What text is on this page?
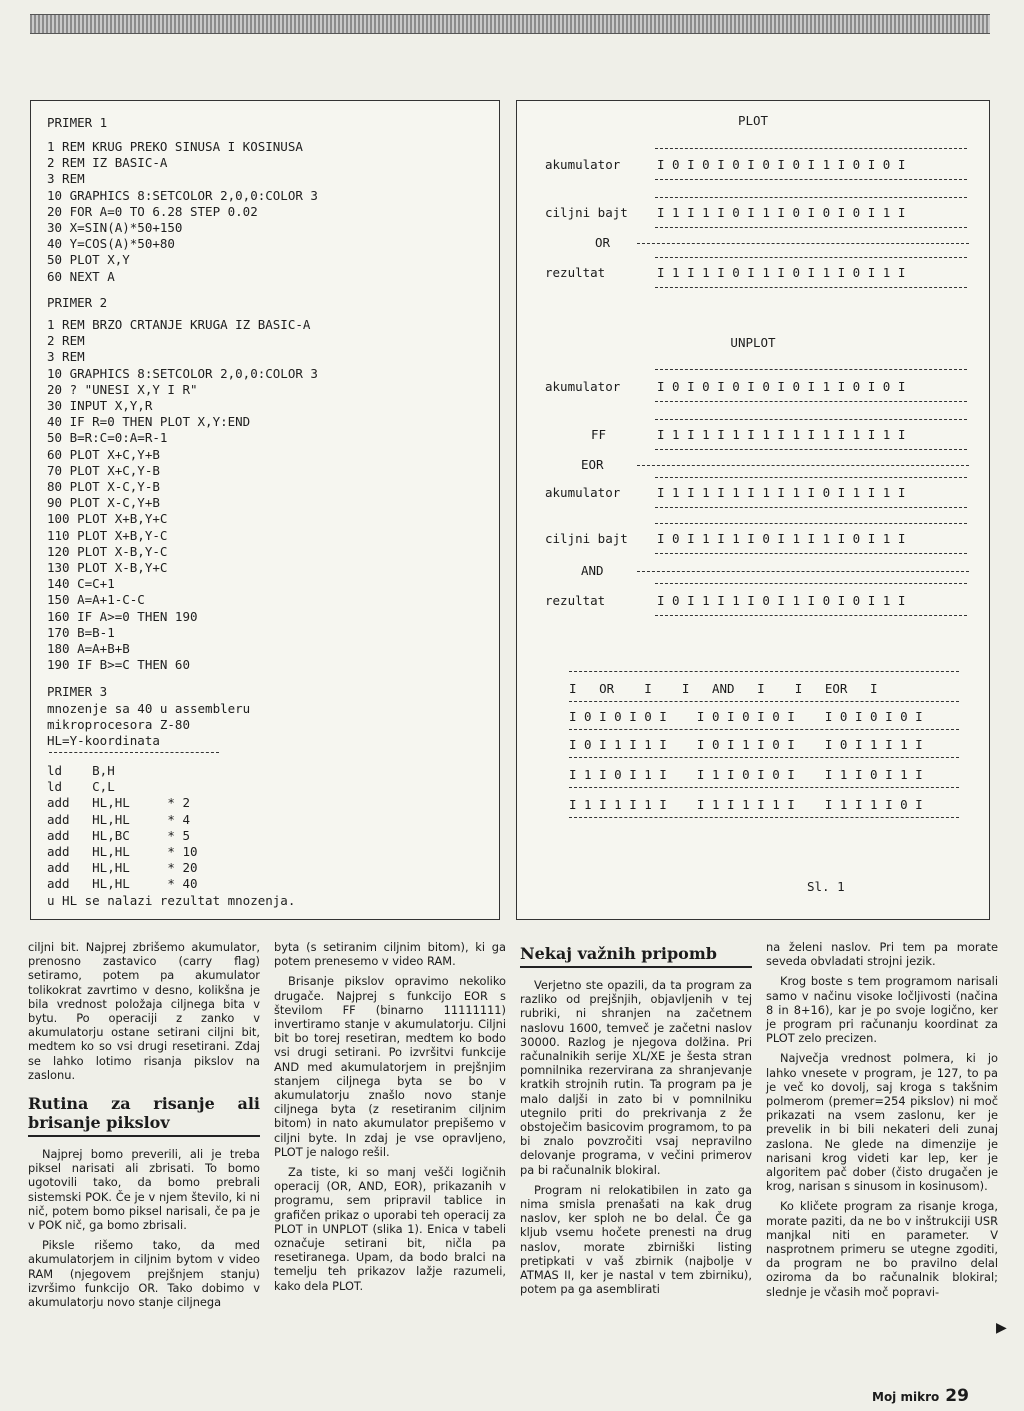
PRIMER 1
1 REM KRUG PREKO SINUSA I KOSINUSA
2 REM IZ BASIC-A
3 REM
10 GRAPHICS 8:SETCOLOR 2,0,0:COLOR 3
20 FOR A=0 TO 6.28 STEP 0.02
30 X=SIN(A)*50+150
40 Y=COS(A)*50+80
50 PLOT X,Y
60 NEXT A
PRIMER 2
1 REM BRZO CRTANJE KRUGA IZ BASIC-A
2 REM
3 REM
10 GRAPHICS 8:SETCOLOR 2,0,0:COLOR 3
20 ? "UNESI X,Y I R"
30 INPUT X,Y,R
40 IF R=0 THEN PLOT X,Y:END
50 B=R:C=0:A=R-1
60 PLOT X+C,Y+B
70 PLOT X+C,Y-B
80 PLOT X-C,Y-B
90 PLOT X-C,Y+B
100 PLOT X+B,Y+C
110 PLOT X+B,Y-C
120 PLOT X-B,Y-C
130 PLOT X-B,Y+C
140 C=C+1
150 A=A+1-C-C
160 IF A>=0 THEN 190
170 B=B-1
180 A=A+B+B
190 IF B>=C THEN 60
PRIMER 3
mnozenje sa 40 u assembleru
mikroprocesora Z-80
HL=Y-koordinata
ld    B,H
ld    C,L
add   HL,HL     * 2
add   HL,HL     * 4
add   HL,BC     * 5
add   HL,HL     * 10
add   HL,HL     * 20
add   HL,HL     * 40
u HL se nalazi rezultat mnozenja.
PLOT
akumulator	I 0 I 0 I 0 I 0 I 0 I 1 I 0 I 0 I
ciljni bajt I 1 I 1 I 0 I 1 I 0 I 0 I 0 I 1 I
OR
rezultat	I 1 I 1 I 0 I 1 I 0 I 1 I 0 I 1 I
UNPLOT
akumulator	I 0 I 0 I 0 I 0 I 0 I 1 I 0 I 0 I
FF	I 1 I 1 I 1 I 1 I 1 I 1 I 1 I 1 I
EOR
akumulator	I 1 I 1 I 1 I 1 I 1 I 0 I 1 I 1 I
ciljni bajt I 0 I 1 I 1 I 0 I 1 I 1 I 0 I 1 I
AND
rezultat	I 0 I 1 I 1 I 0 I 1 I 0 I 0 I 1 I
I   OR    I    I   AND   I    I   EOR   I
I 0 I 0 I 0 I    I 0 I 0 I 0 I    I 0 I 0 I 0 I
I 0 I 1 I 1 I    I 0 I 1 I 0 I    I 0 I 1 I 1 I
I 1 I 0 I 1 I    I 1 I 0 I 0 I    I 1 I 0 I 1 I
I 1 I 1 I 1 I    I 1 I 1 I 1 I    I 1 I 1 I 0 I
Sl. 1

ciljni bit. Najprej zbrišemo akumulator, prenosno zastavico (carry flag) setiramo, potem pa akumulator tolikokrat zavrtimo v desno, kolikšna je bila vrednost položaja ciljnega bita v bytu. Po operaciji z zanko v akumulatorju ostane setirani ciljni bit, medtem ko so vsi drugi resetirani. Zdaj se lahko lotimo risanja pikslov na zaslonu.

Rutina za risanje ali brisanje pikslov

Najprej bomo preverili, ali je treba piksel narisati ali zbrisati. To bomo ugotovili tako, da bomo prebrali sistemski POK. Če je v njem število, ki ni nič, potem bomo piksel narisali, če pa je v POK nič, ga bomo zbrisali.

Piksle rišemo tako, da med akumulatorjem in ciljnim bytom v video RAM (njegovem prejšnjem stanju) izvršimo funkcijo OR. Tako dobimo v akumulatorju novo stanje ciljnega

byta (s setiranim ciljnim bitom), ki ga potem prenesemo v video RAM.

Brisanje pikslov opravimo nekoliko drugače. Najprej s funkcijo EOR s številom FF (binarno 11111111) invertiramo stanje v akumulatorju. Ciljni bit bo torej resetiran, medtem ko bodo vsi drugi setirani. Po izvršitvi funkcije AND med akumulatorjem in prejšnjim stanjem ciljnega byta se bo v akumulatorju znašlo novo stanje ciljnega byta (z resetiranim ciljnim bitom) in nato akumulator prepišemo v ciljni byte. In zdaj je vse opravljeno, PLOT je nalogo rešil.

Za tiste, ki so manj vešči logičnih operacij (OR, AND, EOR), prikazanih v programu, sem pripravil tablice in grafičen prikaz o uporabi teh operacij za PLOT in UNPLOT (slika 1). Enica v tabeli označuje setirani bit, ničla pa resetiranega. Upam, da bodo bralci na temelju teh prikazov lažje razumeli, kako dela PLOT.

Nekaj važnih pripomb

Verjetno ste opazili, da ta program za razliko od prejšnjih, objavljenih v tej rubriki, ni shranjen na začetnem naslovu 1600, temveč je začetni naslov 30000. Razlog je njegova dolžina. Pri računalnikih serije XL/XE je šesta stran pomnilnika rezervirana za shranjevanje kratkih strojnih rutin. Ta program pa je malo daljši in zato bi v pomnilniku utegnilo priti do prekrivanja z že obstoječim basicovim programom, to pa bi znalo povzročiti vsaj nepravilno delovanje programa, v večini primerov pa bi računalnik blokiral.

Program ni relokatibilen in zato ga nima smisla prenašati na kak drug naslov, ker sploh ne bo delal. Če ga kljub vsemu hočete prenesti na drug naslov, morate zbirniški listing pretipkati v vaš zbirnik (najbolje v ATMAS II, ker je nastal v tem zbirniku), potem pa ga asemblirati

na želeni naslov. Pri tem pa morate seveda obvladati strojni jezik.

Krog boste s tem programom narisali samo v načinu visoke ločljivosti (načina 8 in 8+16), kar je po svoje logično, ker je program pri računanju koordinat za PLOT zelo precizen.

Največja vrednost polmera, ki jo lahko vnesete v program, je 127, to pa je več ko dovolj, saj kroga s takšnim polmerom (premer=254 pikslov) ni moč prikazati na vsem zaslonu, ker je prevelik in bi bili nekateri deli zunaj zaslona. Ne glede na dimenzije je narisani krog videti kar lep, ker je algoritem pač dober (čisto drugačen je krog, narisan s sinusom in kosinusom).

Ko kličete program za risanje kroga, morate paziti, da ne bo v inštrukciji USR manjkal niti en parameter. V nasprotnem primeru se utegne zgoditi, da program ne bo pravilno delal oziroma da bo računalnik blokiral; slednje je včasih moč popravi-

▶
Moj mikro 29
